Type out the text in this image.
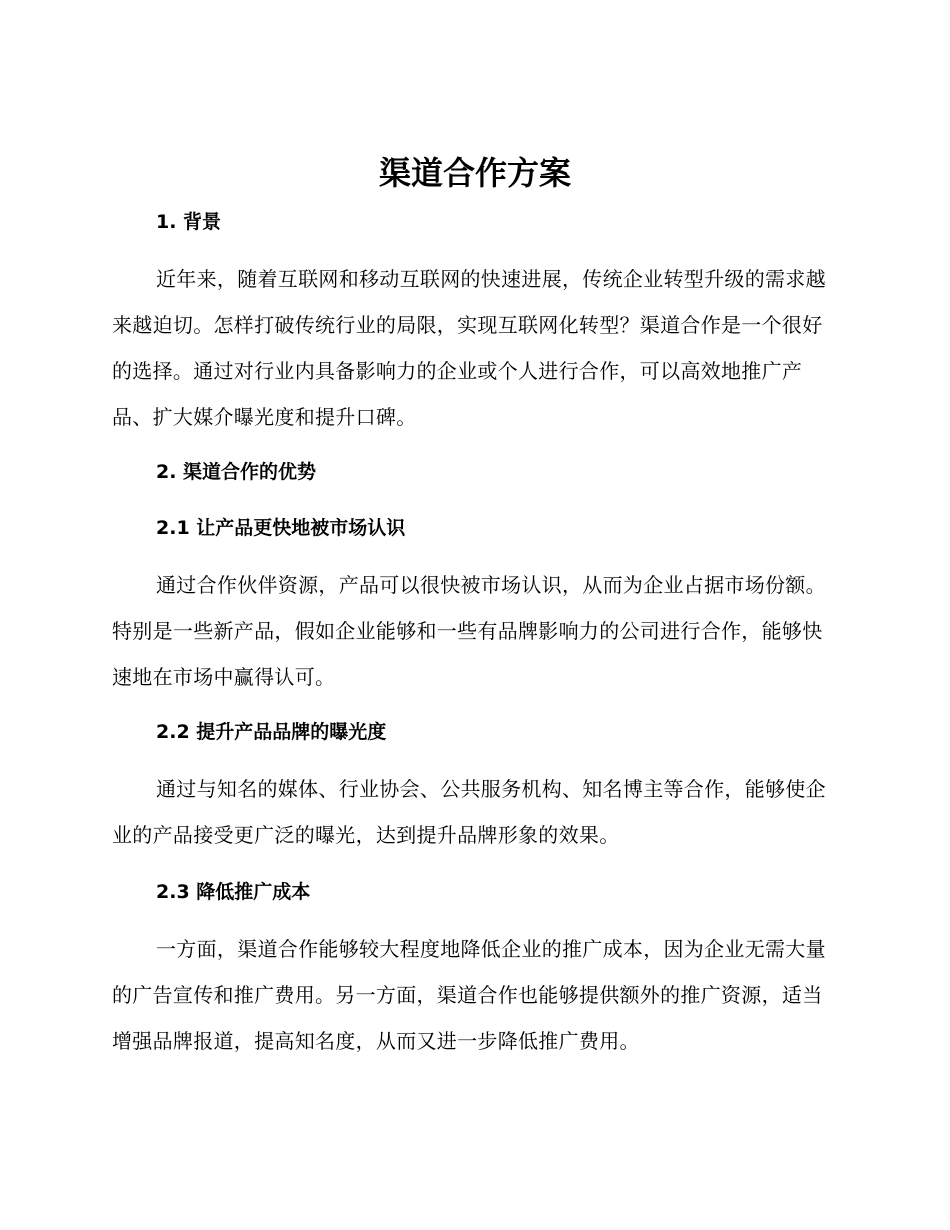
渠道合作方案
1. 背景

近年来，随着互联网和移动互联网的快速进展，传统企业转型升级的需求越来越迫切。怎样打破传统行业的局限，实现互联网化转型？渠道合作是一个很好的选择。通过对行业内具备影响力的企业或个人进行合作，可以高效地推广产品、扩大媒介曝光度和提升口碑。

2. 渠道合作的优势
2.1 让产品更快地被市场认识

通过合作伙伴资源，产品可以很快被市场认识，从而为企业占据市场份额。特别是一些新产品，假如企业能够和一些有品牌影响力的公司进行合作，能够快速地在市场中赢得认可。

2.2 提升产品品牌的曝光度

通过与知名的媒体、行业协会、公共服务机构、知名博主等合作，能够使企业的产品接受更广泛的曝光，达到提升品牌形象的效果。

2.3 降低推广成本

一方面，渠道合作能够较大程度地降低企业的推广成本，因为企业无需大量的广告宣传和推广费用。另一方面，渠道合作也能够提供额外的推广资源，适当增强品牌报道，提高知名度，从而又进一步降低推广费用。
